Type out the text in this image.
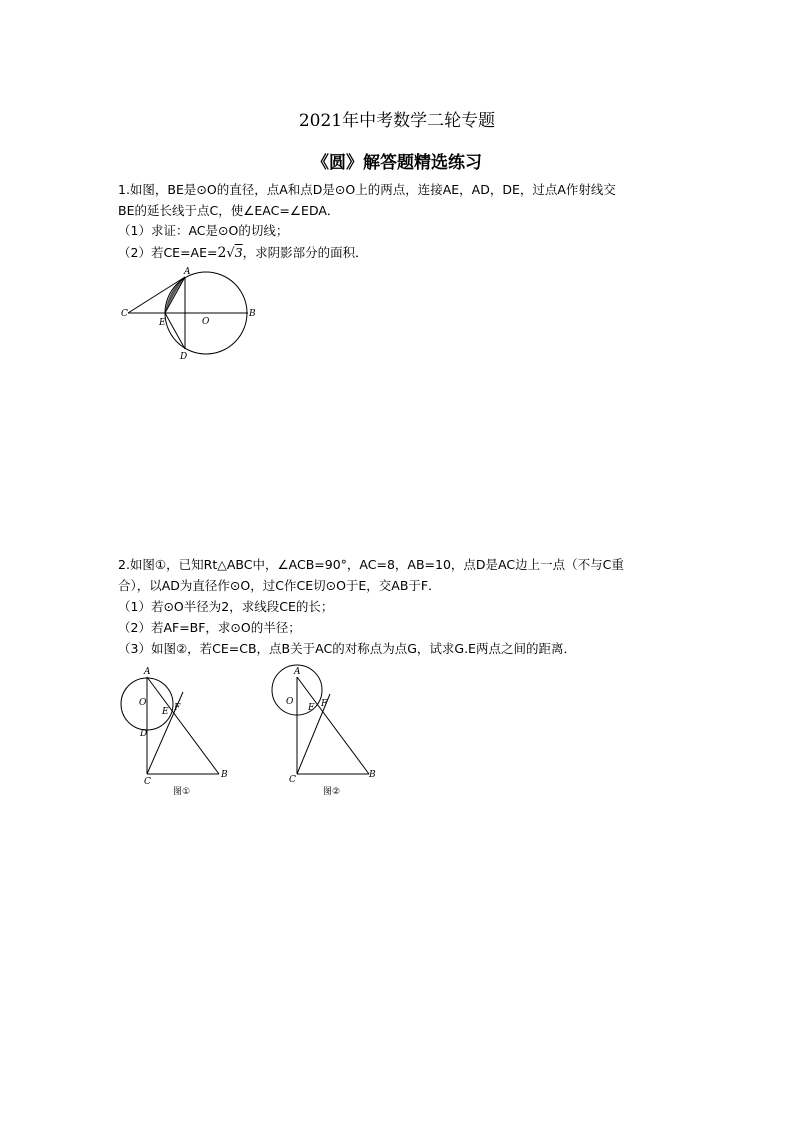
2021年中考数学二轮专题
《圆》解答题精选练习
1.如图，BE是⊙O的直径，点A和点D是⊙O上的两点，连接AE，AD，DE，过点A作射线交
BE的延长线于点C，使∠EAC=∠EDA．
（1）求证：AC是⊙O的切线；
（2）若CE=AE=2√3，求阴影部分的面积．
A
B
C
D
E	O
2.如图①，已知Rt△ABC中，∠ACB=90°，AC=8，AB=10，点D是AC边上一点（不与C重
合），以AD为直径作⊙O，过C作CE切⊙O于E，交AB于F．
（1）若⊙O半径为2，求线段CE的长；
（2）若AF=BF，求⊙O的半径；
（3）如图②，若CE=CB，点B关于AC的对称点为点G，试求G.E两点之间的距离．
A
O
E F
D
C
B
图①
A
O
E F
C	B
图②
